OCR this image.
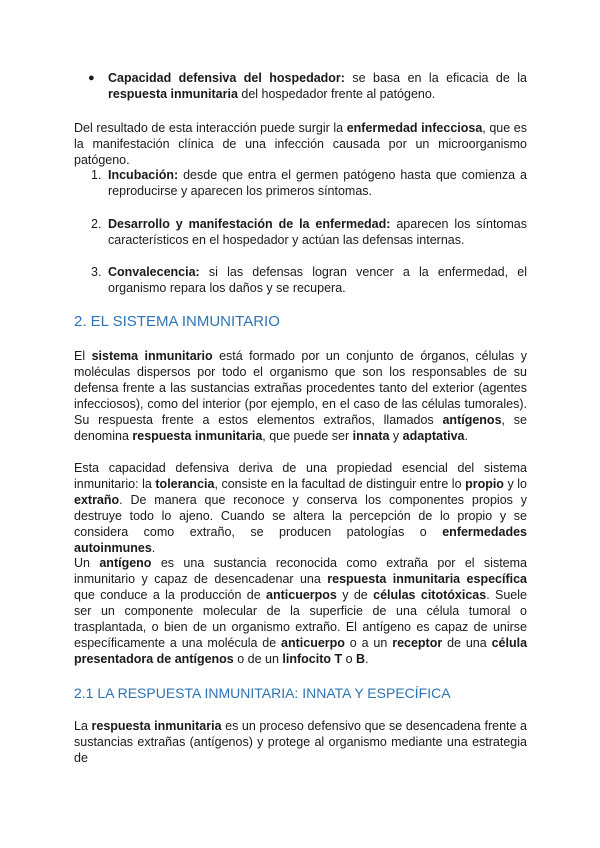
● Capacidad defensiva del hospedador: se basa en la eficacia de la respuesta inmunitaria del hospedador frente al patógeno.

Del resultado de esta interacción puede surgir la enfermedad infecciosa, que es la manifestación clínica de una infección causada por un microorganismo patógeno.

1. Incubación: desde que entra el germen patógeno hasta que comienza a reproducirse y aparecen los primeros síntomas.

2. Desarrollo y manifestación de la enfermedad: aparecen los síntomas característicos en el hospedador y actúan las defensas internas.

3. Convalecencia: si las defensas logran vencer a la enfermedad, el organismo repara los daños y se recupera.

2. EL SISTEMA INMUNITARIO

El sistema inmunitario está formado por un conjunto de órganos, células y moléculas dispersos por todo el organismo que son los responsables de su defensa frente a las sustancias extrañas procedentes tanto del exterior (agentes infecciosos), como del interior (por ejemplo, en el caso de las células tumorales). Su respuesta frente a estos elementos extraños, llamados antígenos, se denomina respuesta inmunitaria, que puede ser innata y adaptativa.

Esta capacidad defensiva deriva de una propiedad esencial del sistema inmunitario: la tolerancia, consiste en la facultad de distinguir entre lo propio y lo extraño. De manera que reconoce y conserva los componentes propios y destruye todo lo ajeno. Cuando se altera la percepción de lo propio y se considera como extraño, se producen patologías o enfermedades autoinmunes.

Un antígeno es una sustancia reconocida como extraña por el sistema inmunitario y capaz de desencadenar una respuesta inmunitaria específica que conduce a la producción de anticuerpos y de células citotóxicas. Suele ser un componente molecular de la superficie de una célula tumoral o trasplantada, o bien de un organismo extraño. El antígeno es capaz de unirse específicamente a una molécula de anticuerpo o a un receptor de una célula presentadora de antígenos o de un linfocito T o B.

2.1 LA RESPUESTA INMUNITARIA: INNATA Y ESPECÍFICA

La respuesta inmunitaria es un proceso defensivo que se desencadena frente a sustancias extrañas (antígenos) y protege al organismo mediante una estrategia de
